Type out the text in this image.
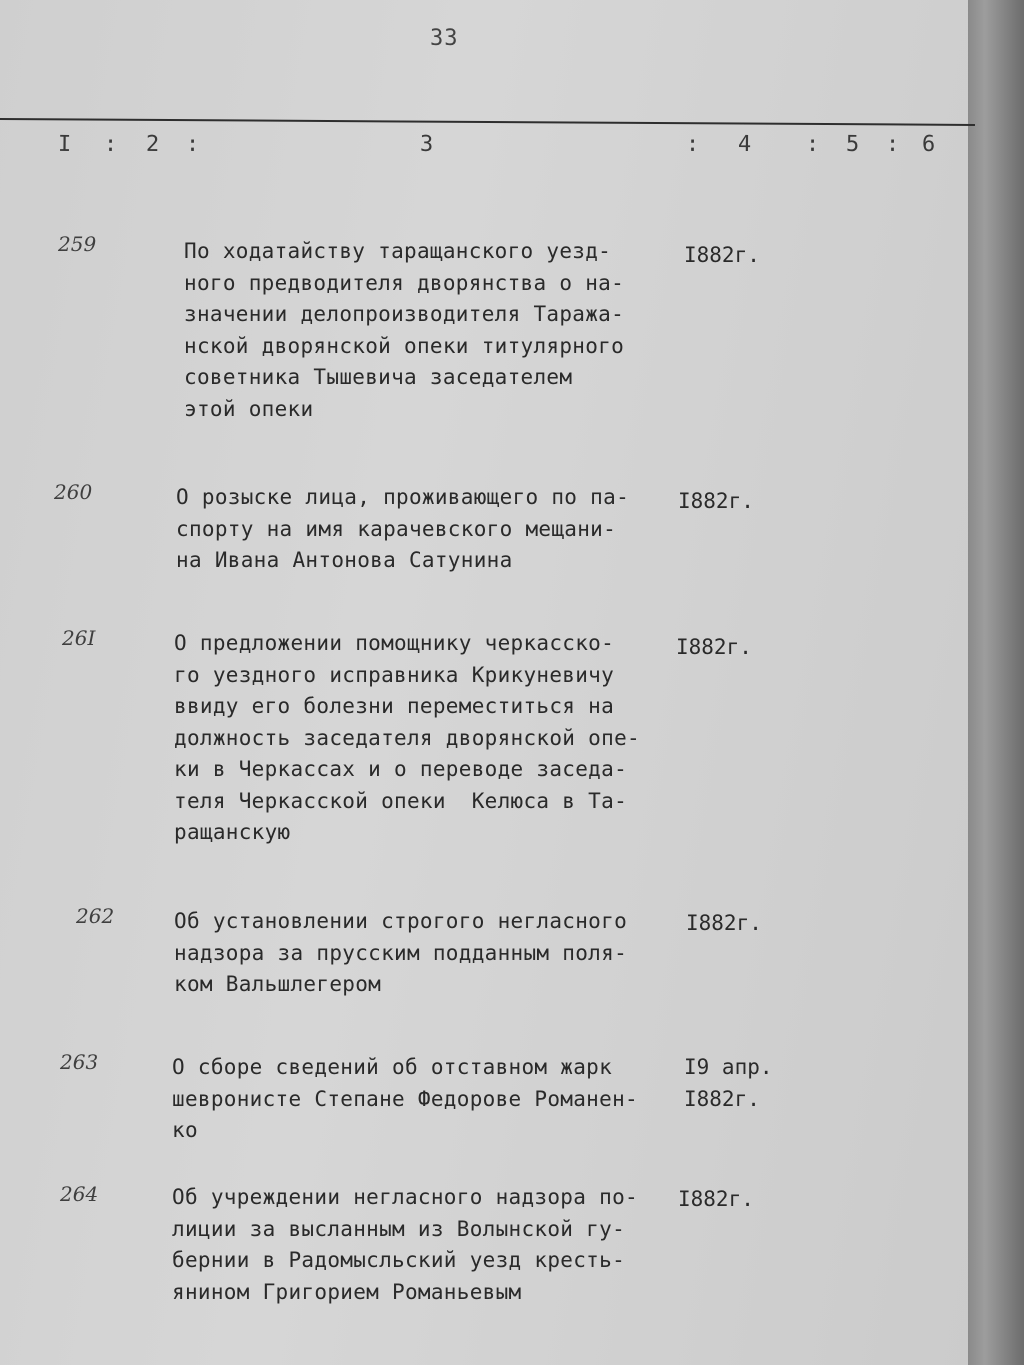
33
I : 2 :	3	: 4 : 5 : 6
259	По ходатайству таращанского уезд-
ного предводителя дворянства о на-
значении делопроизводителя Таража-
нской дворянской опеки титулярного
советника Тышевича заседателем
этой опеки
I882г.
260	О розыске лица, проживающего по па-
спорту на имя карачевского мещани-
на Ивана Антонова Сатунина
I882г.
26I	О предложении помощнику черкасско-
го уездного исправника Крикуневичу
ввиду его болезни переместиться на
должность заседателя дворянской опе-
ки в Черкассах и о переводе заседа-
теля Черкасской опеки  Келюса в Та-
ращанскую
I882г.
262	Об установлении строгого негласного
надзора за прусским подданным поля-
ком Вальшлегером
I882г.
263	О сборе сведений об отставном жарк
шевронисте Степане Федорове Романен-
ко
I9 апр.
I882г.
264	Об учреждении негласного надзора по-
лиции за высланным из Волынской гу-
бернии в Радомысльский уезд кресть-
янином Григорием Романьевым
I882г.
